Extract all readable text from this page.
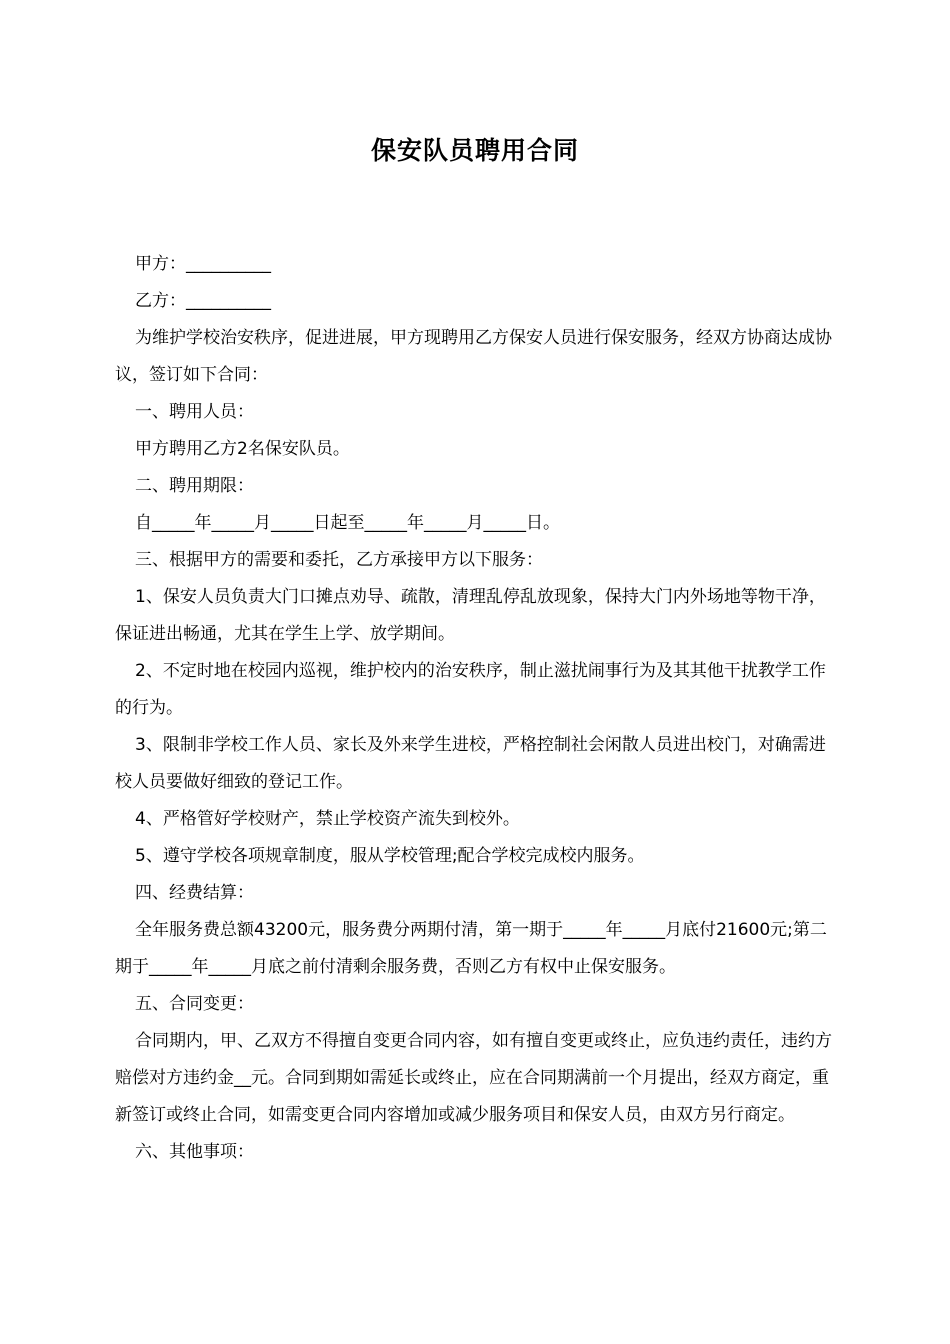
保安队员聘用合同

甲方：__________

乙方：__________

为维护学校治安秩序，促进进展，甲方现聘用乙方保安人员进行保安服务，经双方协商达成协议，签订如下合同：

一、聘用人员：

甲方聘用乙方2名保安队员。

二、聘用期限：

自_____年_____月_____日起至_____年_____月_____日。

三、根据甲方的需要和委托，乙方承接甲方以下服务：

1、保安人员负责大门口摊点劝导、疏散，清理乱停乱放现象，保持大门内外场地等物干净，保证进出畅通，尤其在学生上学、放学期间。

2、不定时地在校园内巡视，维护校内的治安秩序，制止滋扰闹事行为及其其他干扰教学工作的行为。

3、限制非学校工作人员、家长及外来学生进校，严格控制社会闲散人员进出校门，对确需进校人员要做好细致的登记工作。

4、严格管好学校财产，禁止学校资产流失到校外。

5、遵守学校各项规章制度，服从学校管理;配合学校完成校内服务。

四、经费结算：

全年服务费总额43200元，服务费分两期付清，第一期于_____年_____月底付21600元;第二期于_____年_____月底之前付清剩余服务费，否则乙方有权中止保安服务。

五、合同变更：

合同期内，甲、乙双方不得擅自变更合同内容，如有擅自变更或终止，应负违约责任，违约方赔偿对方违约金__元。合同到期如需延长或终止，应在合同期满前一个月提出，经双方商定，重新签订或终止合同，如需变更合同内容增加或减少服务项目和保安人员，由双方另行商定。

六、其他事项：
